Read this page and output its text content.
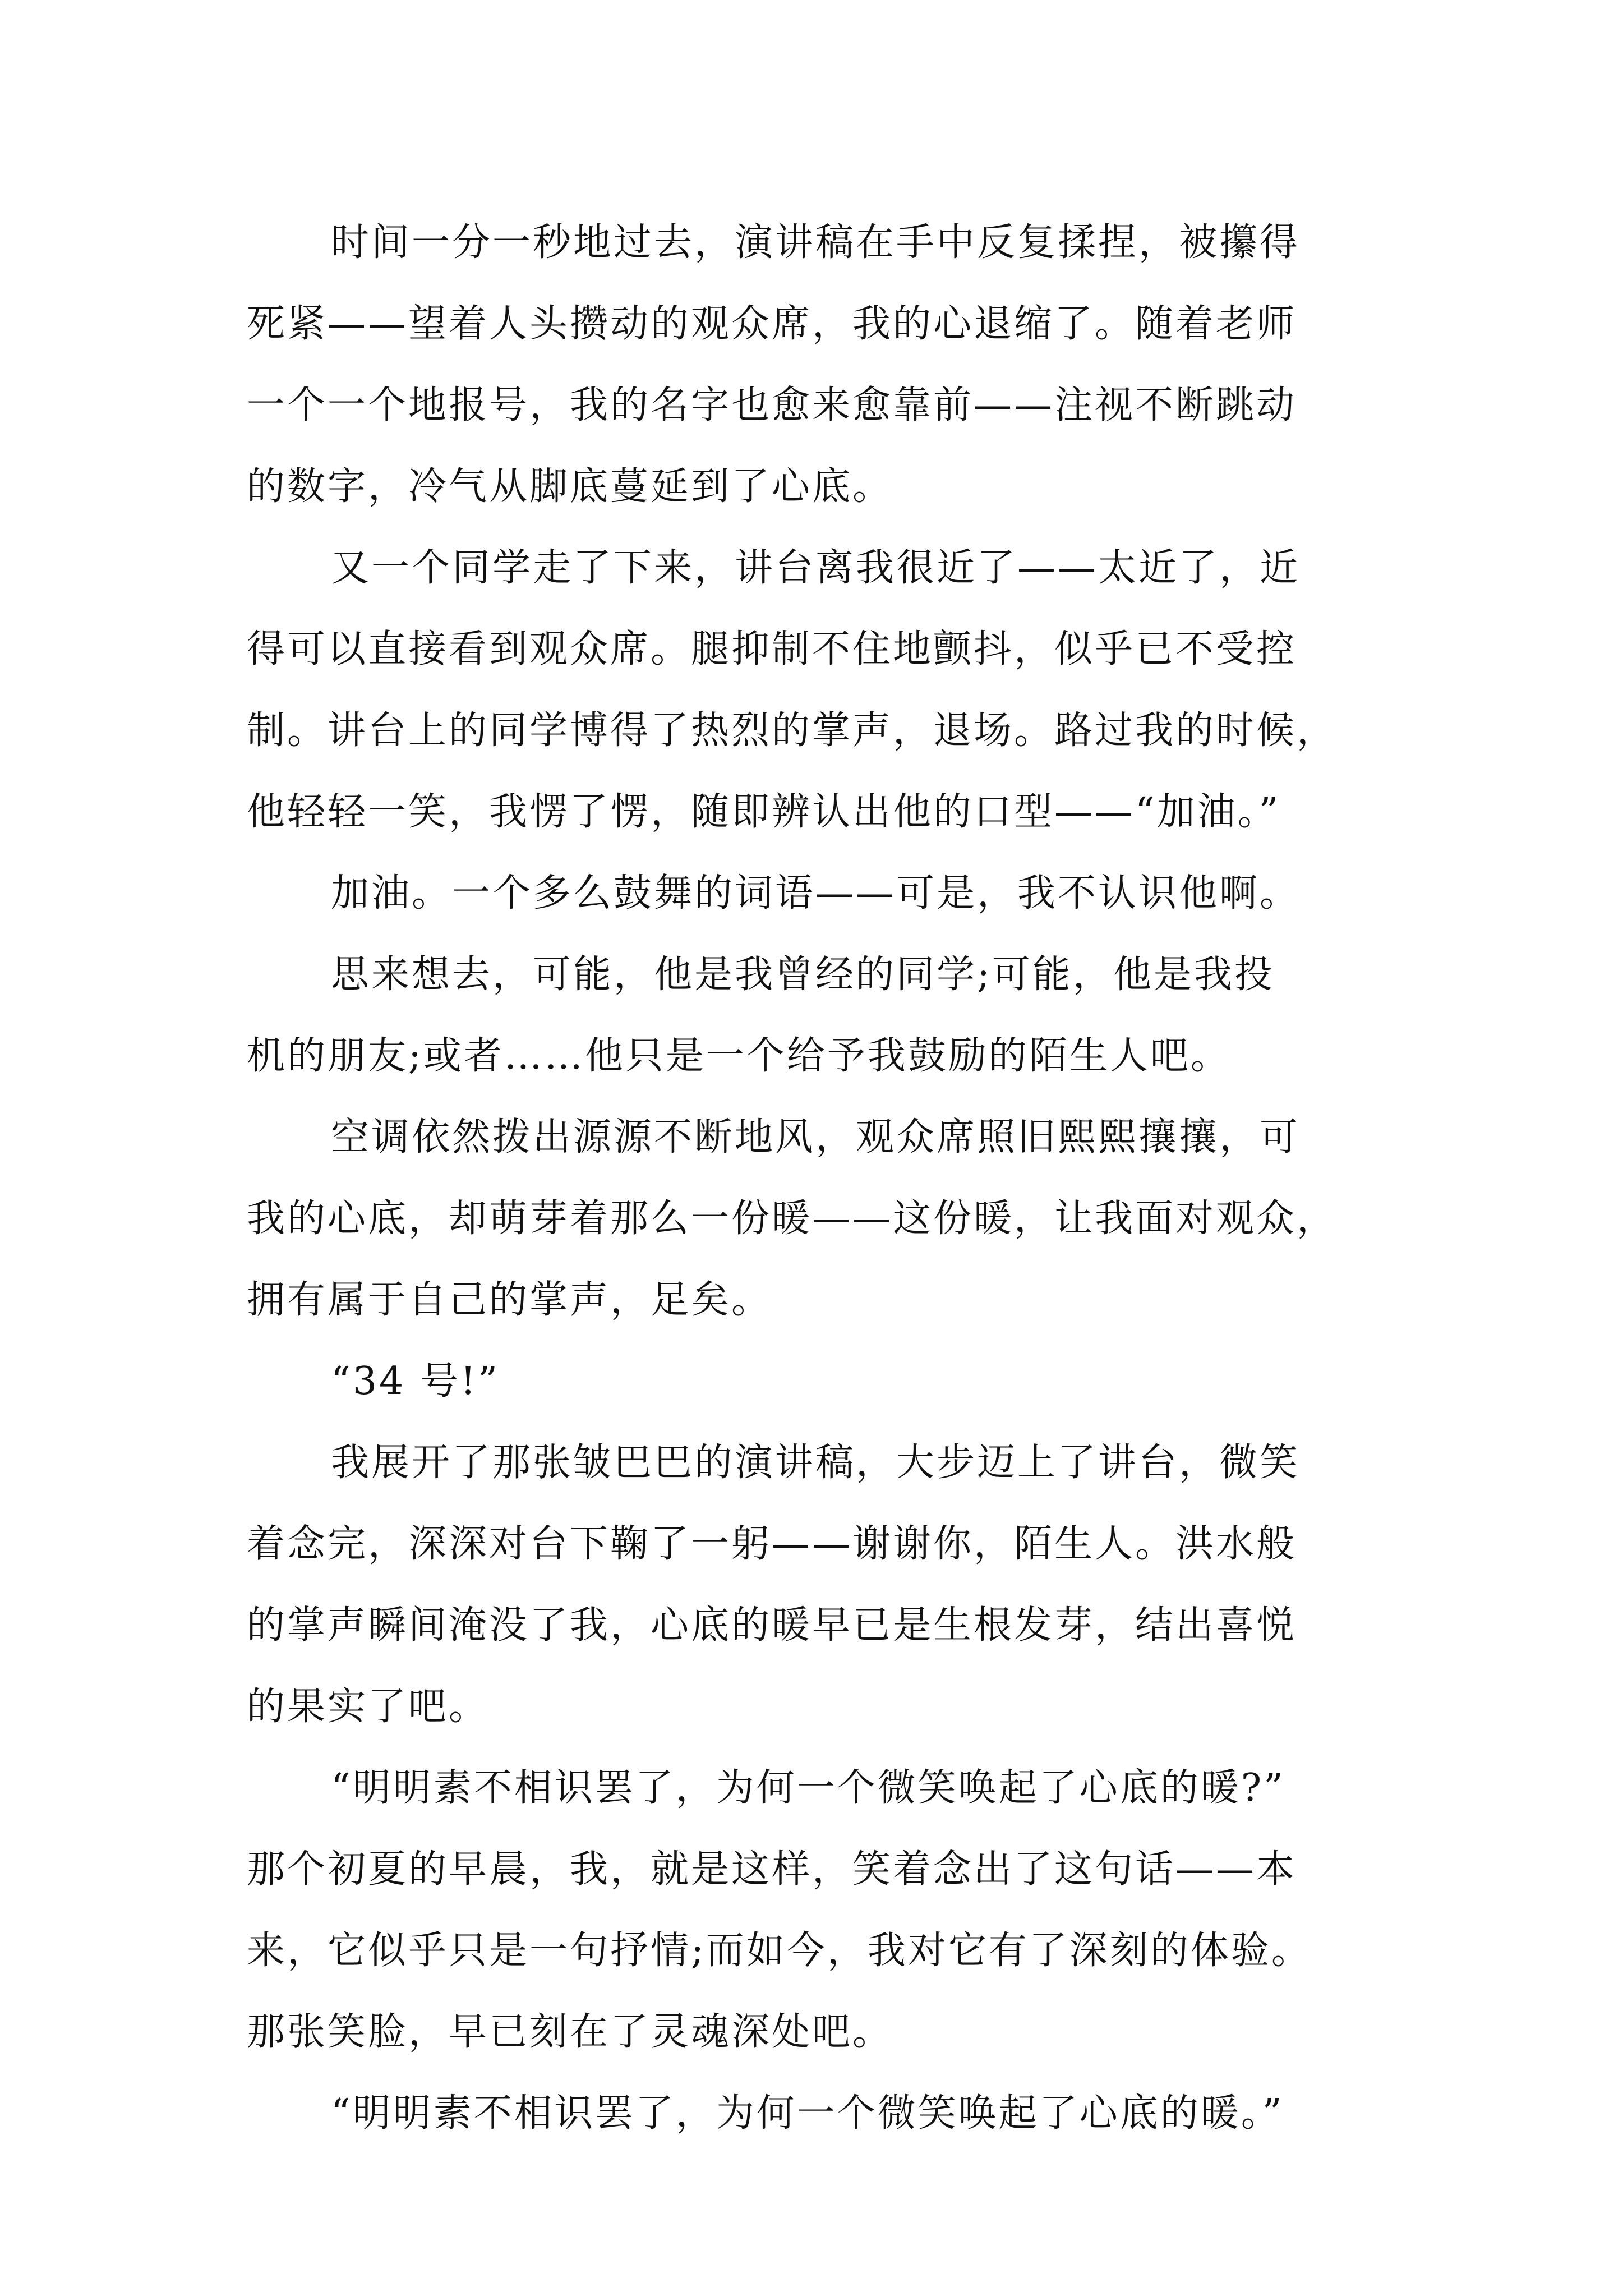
时间一分一秒地过去，演讲稿在手中反复揉捏，被攥得
死紧——望着人头攒动的观众席，我的心退缩了。随着老师
一个一个地报号，我的名字也愈来愈靠前——注视不断跳动
的数字，冷气从脚底蔓延到了心底。
又一个同学走了下来，讲台离我很近了——太近了，近
得可以直接看到观众席。腿抑制不住地颤抖，似乎已不受控
制。讲台上的同学博得了热烈的掌声，退场。路过我的时候，
他轻轻一笑，我愣了愣，随即辨认出他的口型——“加油。”
加油。一个多么鼓舞的词语——可是，我不认识他啊。
思来想去，可能，他是我曾经的同学;可能，他是我投
机的朋友;或者……他只是一个给予我鼓励的陌生人吧。
空调依然拨出源源不断地风，观众席照旧熙熙攘攘，可
我的心底，却萌芽着那么一份暖——这份暖，让我面对观众，
拥有属于自己的掌声，足矣。
“34 号!”
我展开了那张皱巴巴的演讲稿，大步迈上了讲台，微笑
着念完，深深对台下鞠了一躬——谢谢你，陌生人。洪水般
的掌声瞬间淹没了我，心底的暖早已是生根发芽，结出喜悦
的果实了吧。
“明明素不相识罢了，为何一个微笑唤起了心底的暖?”
那个初夏的早晨，我，就是这样，笑着念出了这句话——本
来，它似乎只是一句抒情;而如今，我对它有了深刻的体验。
那张笑脸，早已刻在了灵魂深处吧。
“明明素不相识罢了，为何一个微笑唤起了心底的暖。”
